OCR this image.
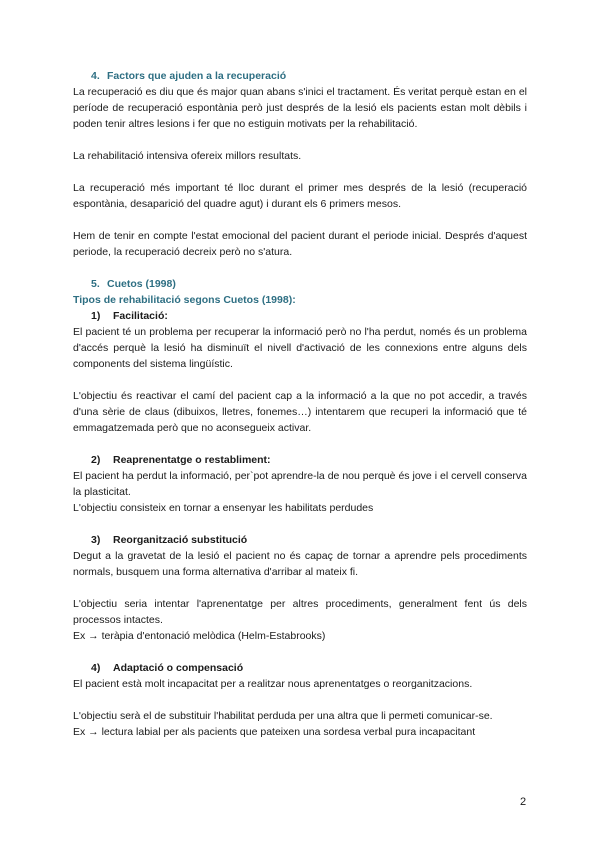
4. Factors que ajuden a la recuperació

La recuperació es diu que és major quan abans s'inici el tractament. És veritat perquè estan en el període de recuperació espontània però just després de la lesió els pacients estan molt dèbils i poden tenir altres lesions i fer que no estiguin motivats per la rehabilitació.

La rehabilitació intensiva ofereix millors resultats.

La recuperació més important té lloc durant el primer mes després de la lesió (recuperació espontània, desaparició del quadre agut) i durant els 6 primers mesos.

Hem de tenir en compte l'estat emocional del pacient durant el periode inicial. Després d'aquest periode, la recuperació decreix però no s'atura.

5. Cuetos (1998)

Tipos de rehabilitació segons Cuetos (1998):

1) Facilitació:

El pacient té un problema per recuperar la informació però no l'ha perdut, només és un problema d'accés perquè la lesió ha disminuït el nivell d'activació de les connexions entre alguns dels components del sistema lingüístic.

L'objectiu és reactivar el camí del pacient cap a la informació a la que no pot accedir, a través d'una sèrie de claus (dibuixos, lletres, fonemes…) intentarem que recuperi la informació que té emmagatzemada però que no aconsegueix activar.

2) Reaprenentatge o restabliment:

El pacient ha perdut la informació, per`pot aprendre-la de nou perquè és jove i el cervell conserva la plasticitat.

L'objectiu consisteix en tornar a ensenyar les habilitats perdudes

3) Reorganització substitució

Degut a la gravetat de la lesió el pacient no és capaç de tornar a aprendre pels procediments normals, busquem una forma alternativa d'arribar al mateix fi.

L'objectiu seria intentar l'aprenentatge per altres procediments, generalment fent ús dels processos intactes.

Ex → teràpia d'entonació melòdica (Helm-Estabrooks)

4) Adaptació o compensació

El pacient està molt incapacitat per a realitzar nous aprenentatges o reorganitzacions.

L'objectiu serà el de substituir l'habilitat perduda per una altra que li permeti comunicar-se.

Ex → lectura labial per als pacients que pateixen una sordesa verbal pura incapacitant

2
